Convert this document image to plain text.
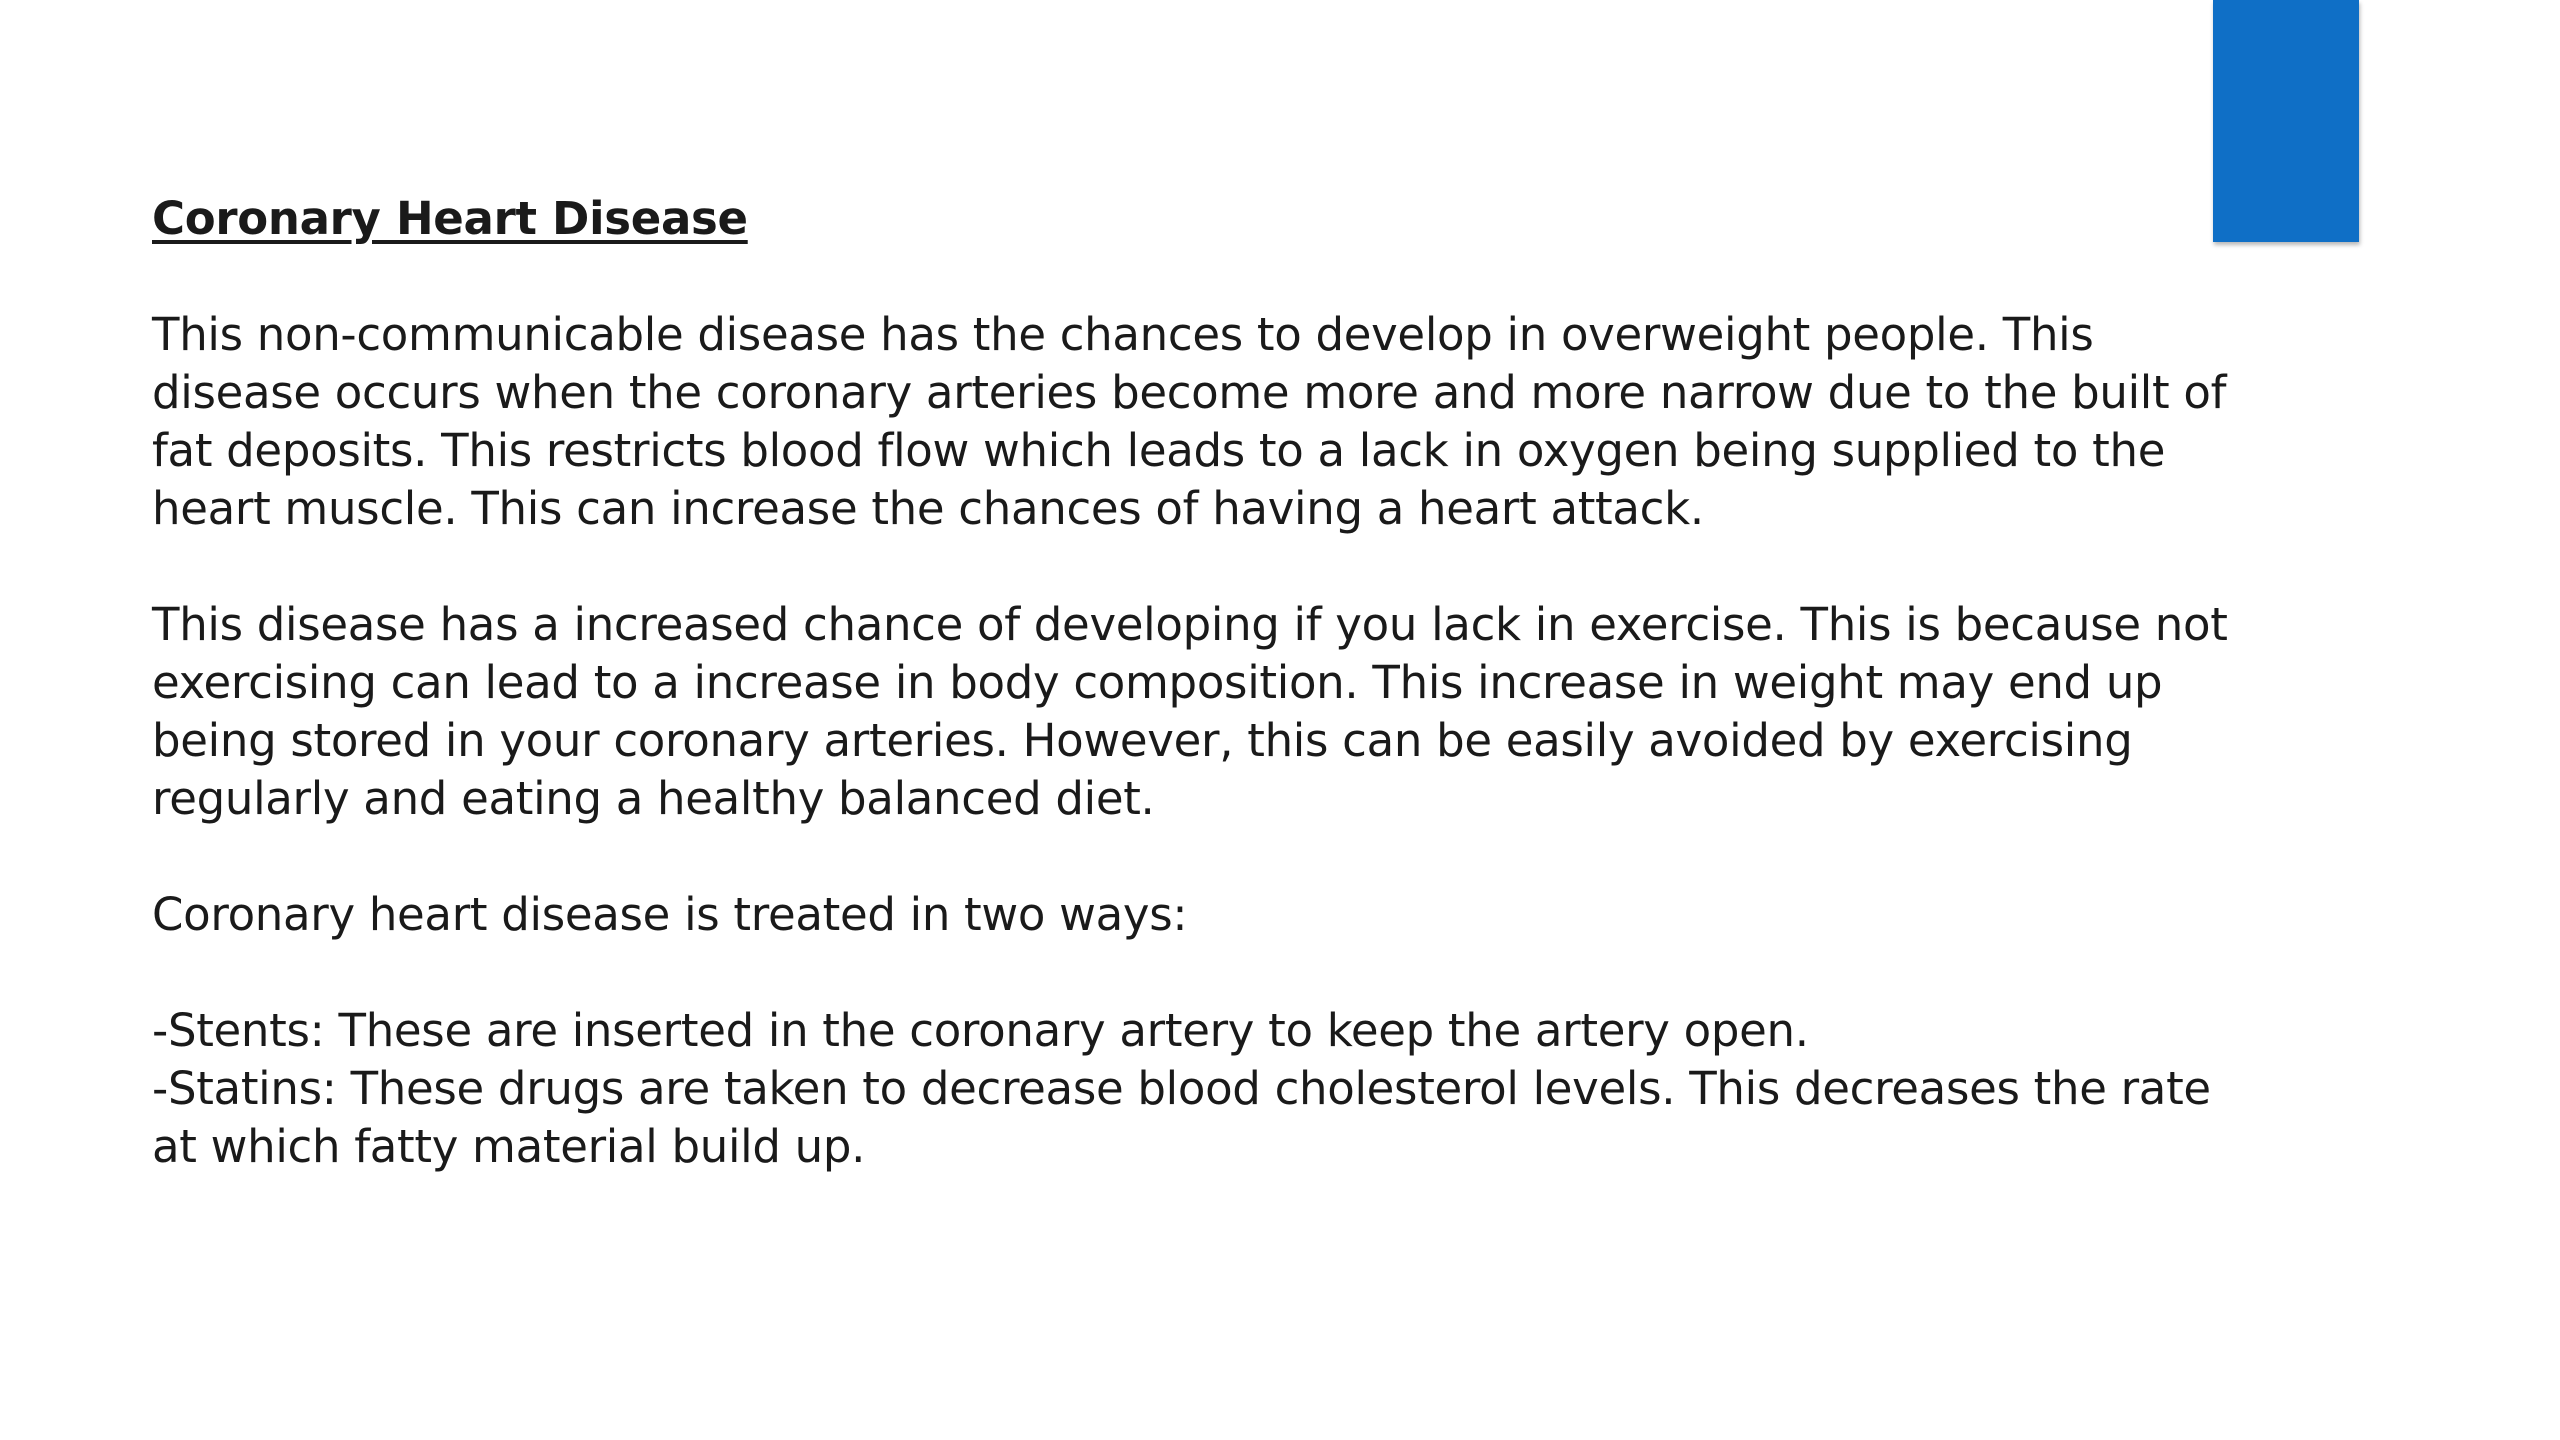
Coronary Heart Disease

This non-communicable disease has the chances to develop in overweight people. This disease occurs when the coronary arteries become more and more narrow due to the built of fat deposits. This restricts blood flow which leads to a lack in oxygen being supplied to the heart muscle. This can increase the chances of having a heart attack.

This disease has a increased chance of developing if you lack in exercise. This is because not exercising can lead to a increase in body composition. This increase in weight may end up being stored in your coronary arteries. However, this can be easily avoided by exercising regularly and eating a healthy balanced diet.

Coronary heart disease is treated in two ways:

-Stents: These are inserted in the coronary artery to keep the artery open.

-Statins: These drugs are taken to decrease blood cholesterol levels. This decreases the rate at which fatty material build up.
